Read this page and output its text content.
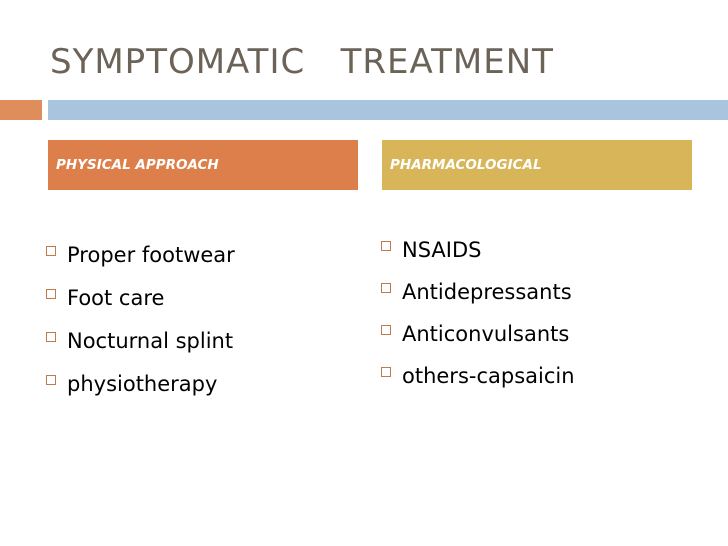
SYMPTOMATIC   TREATMENT
PHYSICAL APPROACH	PHARMACOLOGICAL
Proper footwear
Foot care
Nocturnal splint
physiotherapy
NSAIDS
Antidepressants
Anticonvulsants
others-capsaicin
